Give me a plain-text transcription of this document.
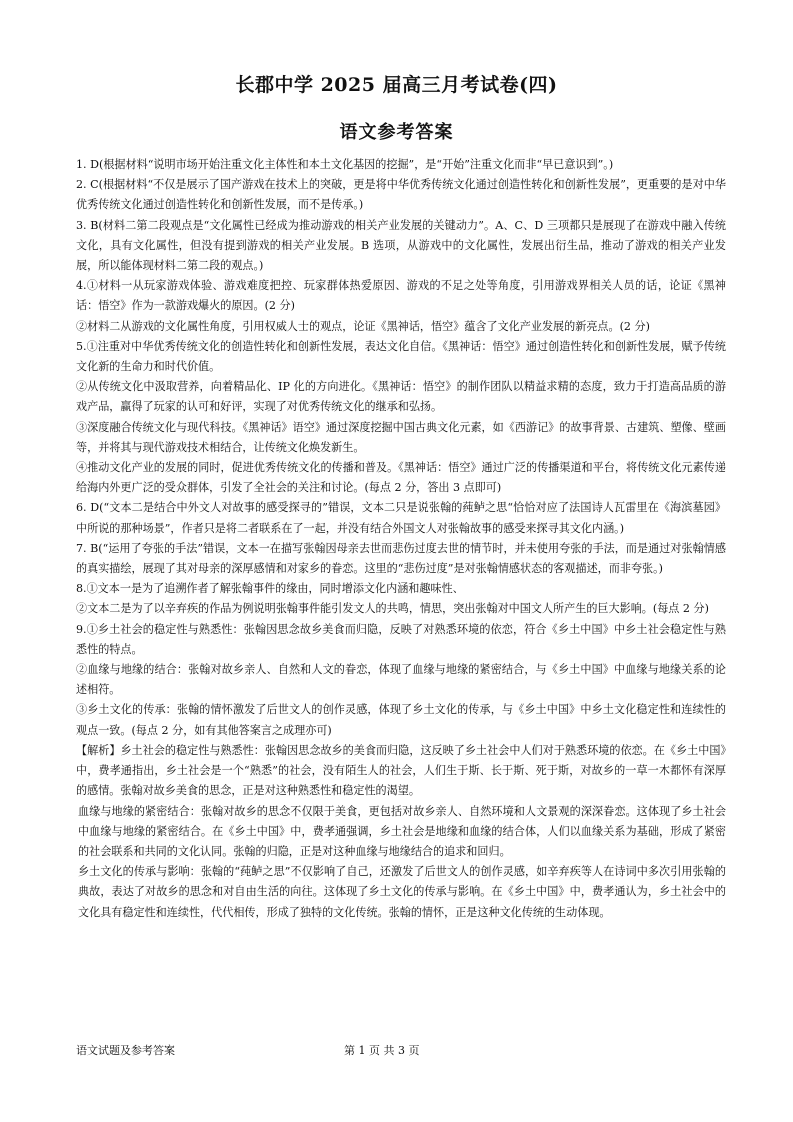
长郡中学 2025 届高三月考试卷(四)
语文参考答案

1. D(根据材料“说明市场开始注重文化主体性和本土文化基因的挖掘”，是“开始”注重文化而非“早已意识到”。)

2. C(根据材料“不仅是展示了国产游戏在技术上的突破，更是将中华优秀传统文化通过创造性转化和创新性发展”，更重要的是对中华优秀传统文化通过创造性转化和创新性发展，而不是传承。)

3. B(材料二第二段观点是“文化属性已经成为推动游戏的相关产业发展的关键动力”。A、C、D 三项都只是展现了在游戏中融入传统文化，具有文化属性，但没有提到游戏的相关产业发展。B 选项，从游戏中的文化属性，发展出衍生品，推动了游戏的相关产业发展，所以能体现材料二第二段的观点。)

4.①材料一从玩家游戏体验、游戏难度把控、玩家群体热爱原因、游戏的不足之处等角度，引用游戏界相关人员的话，论证《黑神话：悟空》作为一款游戏爆火的原因。(2 分)

②材料二从游戏的文化属性角度，引用权威人士的观点，论证《黑神话，悟空》蕴含了文化产业发展的新亮点。(2 分)

5.①注重对中华优秀传统文化的创造性转化和创新性发展，表达文化自信。《黑神话：悟空》通过创造性转化和创新性发展，赋予传统文化新的生命力和时代价值。

②从传统文化中汲取营养，向着精品化、IP 化的方向进化。《黑神话：悟空》的制作团队以精益求精的态度，致力于打造高品质的游戏产品，赢得了玩家的认可和好评，实现了对优秀传统文化的继承和弘扬。

③深度融合传统文化与现代科技。《黑神话》语空》通过深度挖掘中国古典文化元素，如《西游记》的故事背景、古建筑、塑像、壁画等，并将其与现代游戏技术相结合，让传统文化焕发新生。

④推动文化产业的发展的同时，促进优秀传统文化的传播和普及。《黑神话：悟空》通过广泛的传播渠道和平台，将传统文化元素传递给海内外更广泛的受众群体，引发了全社会的关注和讨论。(每点 2 分，答出 3 点即可)

6. D(“文本二是结合中外文人对故事的感受探寻的”错误，文本二只是说张翰的莼鲈之思“恰恰对应了法国诗人瓦雷里在《海滨墓园》中所说的那种场景”，作者只是将二者联系在了一起，并没有结合外国文人对张翰故事的感受来探寻其文化内涵。)

7. B(“运用了夸张的手法”错误，文本一在描写张翰因母亲去世而悲伤过度去世的情节时，并未使用夸张的手法，而是通过对张翰情感的真实描绘，展现了其对母亲的深厚感情和对家乡的眷恋。这里的“悲伤过度”是对张翰情感状态的客观描述，而非夸张。)

8.①文本一是为了追溯作者了解张翰事件的缘由，同时增添文化内涵和趣味性、

②文本二是为了以辛弃疾的作品为例说明张翰事件能引发文人的共鸣，情思，突出张翰对中国文人所产生的巨大影响。(每点 2 分)

9.①乡土社会的稳定性与熟悉性：张翰因思念故乡美食而归隐，反映了对熟悉环境的依恋，符合《乡土中国》中乡土社会稳定性与熟悉性的特点。

②血缘与地缘的结合：张翰对故乡亲人、自然和人文的眷恋，体现了血缘与地缘的紧密结合，与《乡土中国》中血缘与地缘关系的论述相符。

③乡土文化的传承：张翰的情怀激发了后世文人的创作灵感，体现了乡土文化的传承，与《乡土中国》中乡土文化稳定性和连续性的观点一致。(每点 2 分，如有其他答案言之成理亦可)

【解析】乡土社会的稳定性与熟悉性：张翰因思念故乡的美食而归隐，这反映了乡土社会中人们对于熟悉环境的依恋。在《乡土中国》中，费孝通指出，乡土社会是一个“熟悉”的社会，没有陌生人的社会，人们生于斯、长于斯、死于斯，对故乡的一草一木都怀有深厚的感情。张翰对故乡美食的思念，正是对这种熟悉性和稳定性的渴望。

血缘与地缘的紧密结合：张翰对故乡的思念不仅限于美食，更包括对故乡亲人、自然环境和人文景观的深深眷恋。这体现了乡土社会中血缘与地缘的紧密结合。在《乡土中国》中，费孝通强调，乡土社会是地缘和血缘的结合体，人们以血缘关系为基础，形成了紧密的社会联系和共同的文化认同。张翰的归隐，正是对这种血缘与地缘结合的追求和回归。

乡土文化的传承与影响：张翰的“莼鲈之思”不仅影响了自己，还激发了后世文人的创作灵感，如辛弃疾等人在诗词中多次引用张翰的典故，表达了对故乡的思念和对自由生活的向往。这体现了乡土文化的传承与影响。在《乡土中国》中，费孝通认为，乡土社会中的文化具有稳定性和连续性，代代相传，形成了独特的文化传统。张翰的情怀，正是这种文化传统的生动体现。

语文试题及参考答案	第 1 页 共 3 页
